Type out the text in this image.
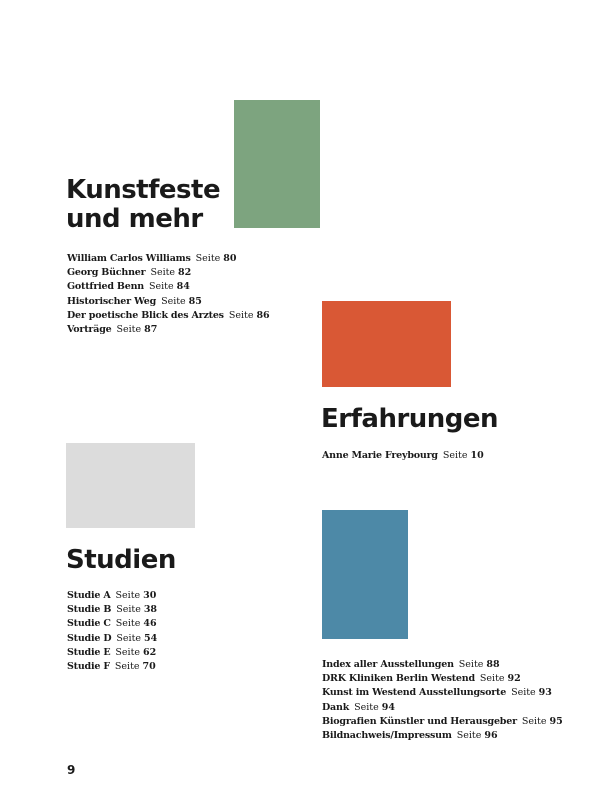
Kunstfeste
und mehr
William Carlos Williams Seite 80
Georg Büchner Seite 82
Gottfried Benn Seite 84
Historischer Weg Seite 85
Der poetische Blick des Arztes Seite 86
Vorträge Seite 87
Erfahrungen
Anne Marie Freybourg Seite 10
Studien
Studie A Seite 30
Studie B Seite 38
Studie C Seite 46
Studie D Seite 54
Studie E Seite 62
Studie F Seite 70	Index aller Ausstellungen Seite 88
DRK Kliniken Berlin Westend Seite 92
Kunst im Westend Ausstellungsorte Seite 93
Dank Seite 94
Biografien Künstler und Herausgeber Seite 95
Bildnachweis/Impressum Seite 96
9
